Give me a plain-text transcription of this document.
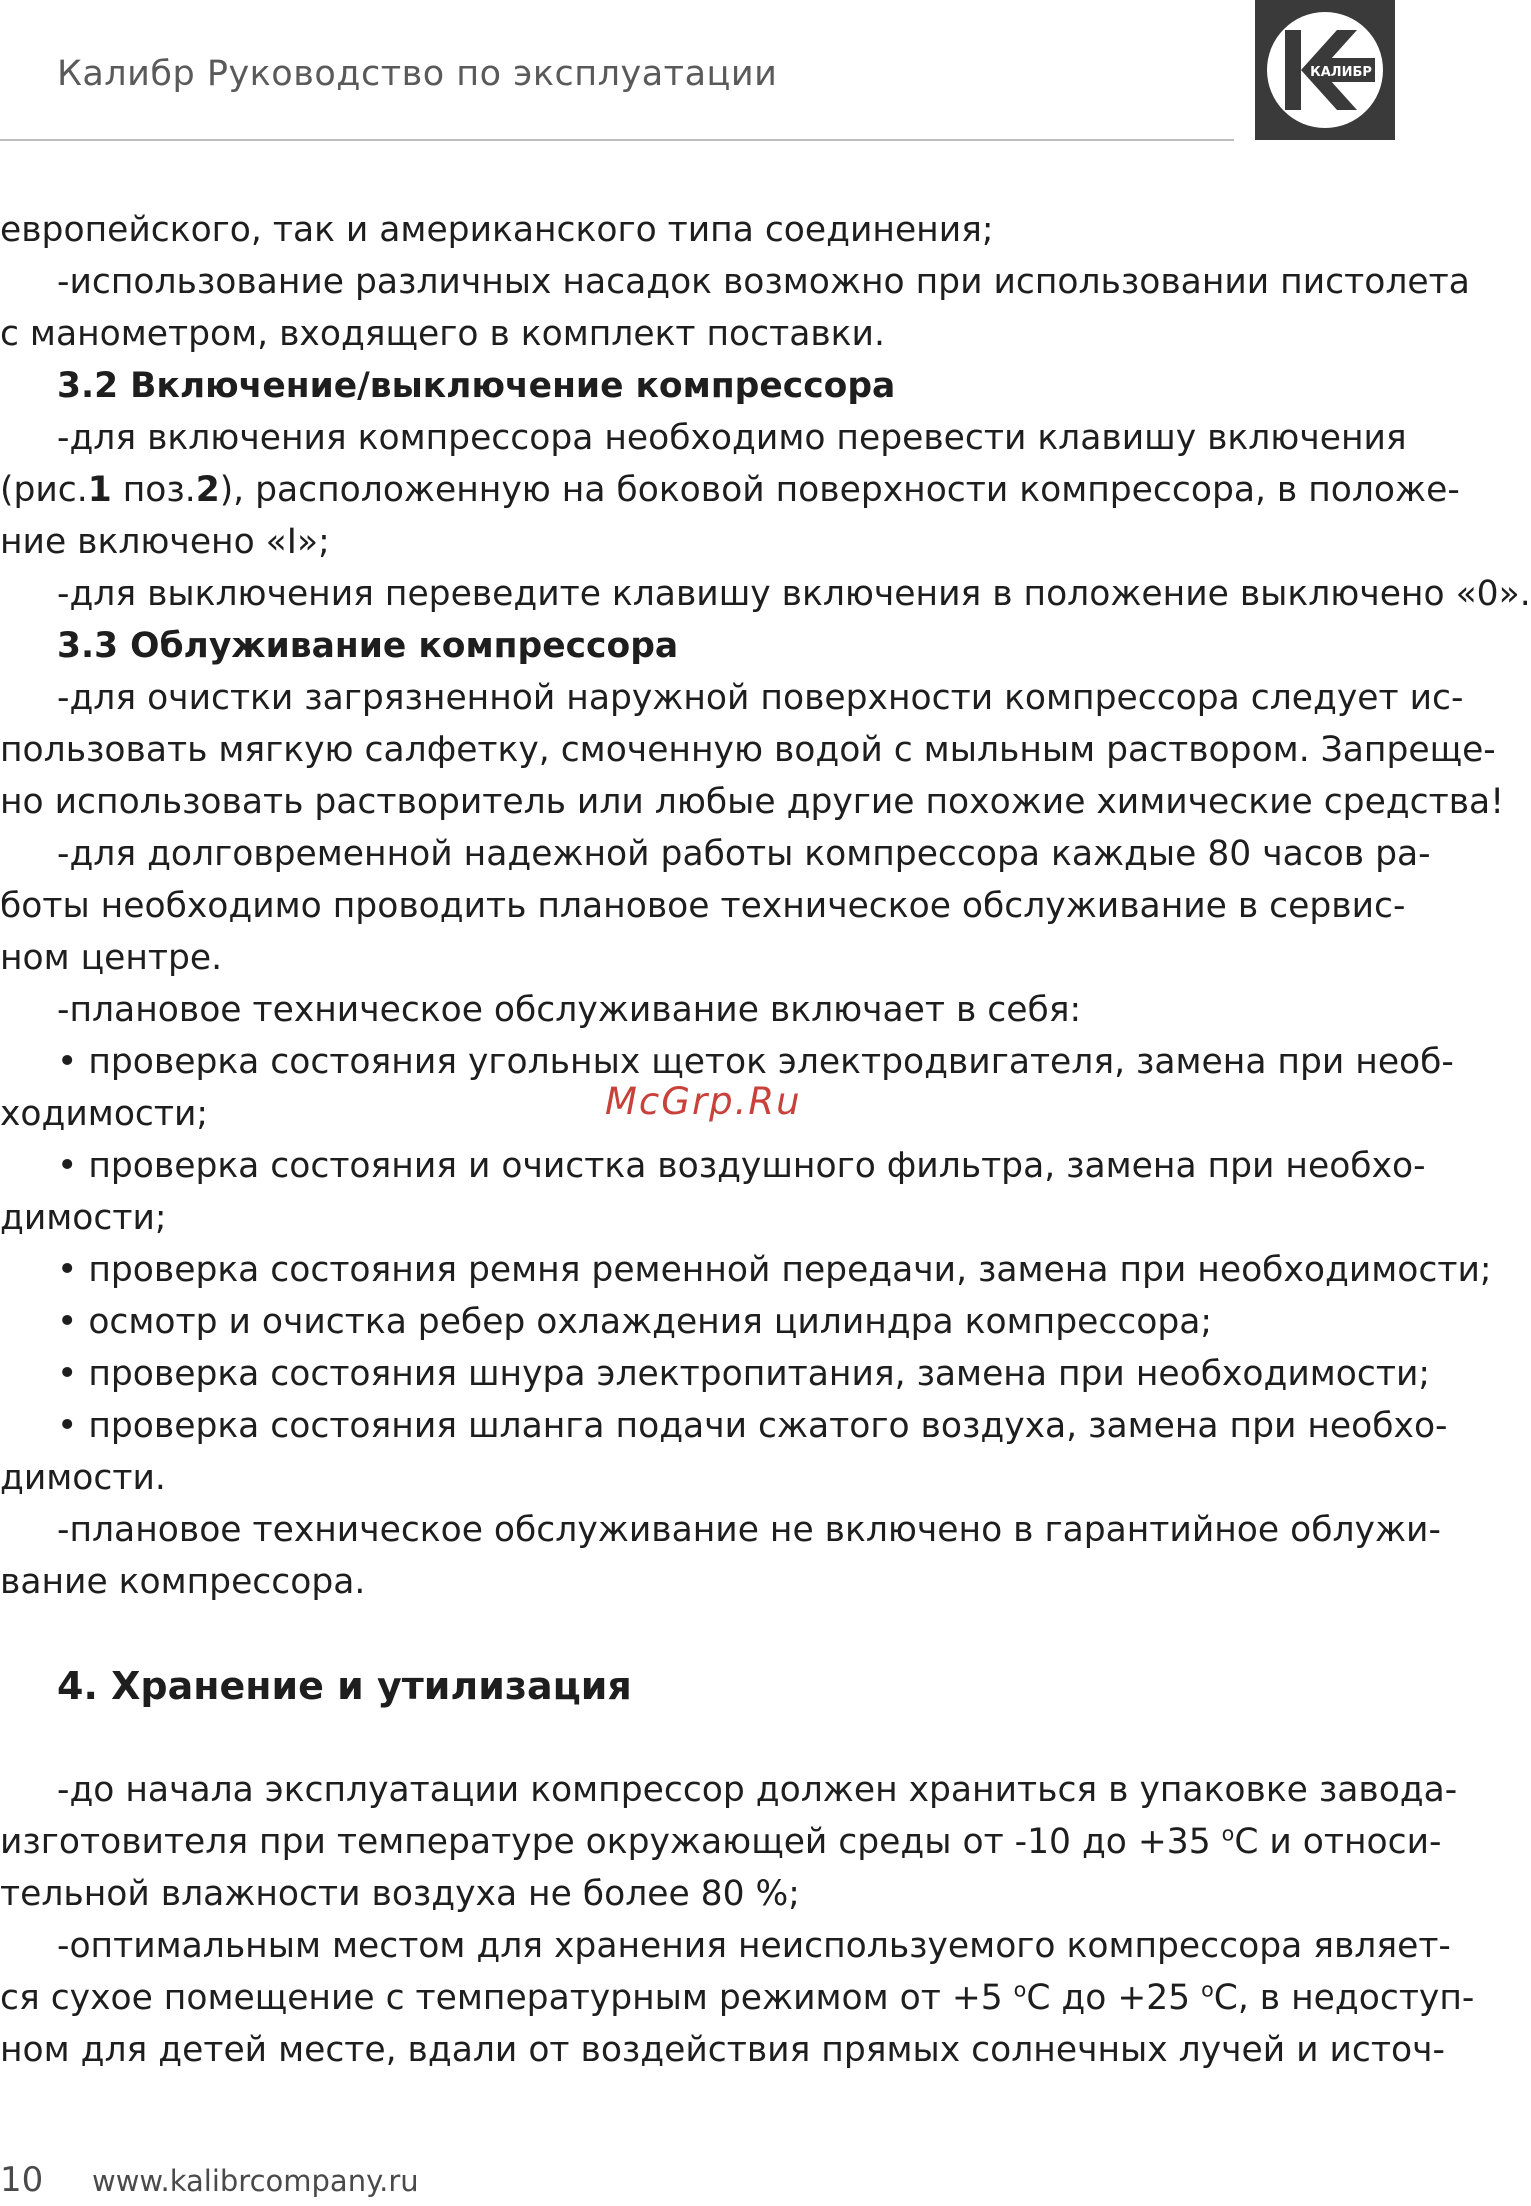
Калибр Руководство по эксплуатации	КАЛИБР
европейского, так и американского типа соединения;
-использование различных насадок возможно при использовании пистолета
с манометром, входящего в комплект поставки.
3.2 Включение/выключение компрессора
-для включения компрессора необходимо перевести клавишу включения
(рис.1 поз.2), расположенную на боковой поверхности компрессора, в положе-
ние включено «I»;
-для выключения переведите клавишу включения в положение выключено «0».
3.3 Облуживание компрессора
-для очистки загрязненной наружной поверхности компрессора следует ис-
пользовать мягкую салфетку, смоченную водой с мыльным раствором. Запреще-
но использовать растворитель или любые другие похожие химические средства!
-для долговременной надежной работы компрессора каждые 80 часов ра-
боты необходимо проводить плановое техническое обслуживание в сервис-
ном центре.
-плановое техническое обслуживание включает в себя:
• проверка состояния угольных щеток электродвигателя, замена при необ-
ходимости;
• проверка состояния и очистка воздушного фильтра, замена при необхо-
димости;
• проверка состояния ремня ременной передачи, замена при необходимости;
• осмотр и очистка ребер охлаждения цилиндра компрессора;
• проверка состояния шнура электропитания, замена при необходимости;
• проверка состояния шланга подачи сжатого воздуха, замена при необхо-
димости.
-плановое техническое обслуживание не включено в гарантийное облужи-
вание компрессора.
4. Хранение и утилизация
-до начала эксплуатации компрессор должен храниться в упаковке завода-
изготовителя при температуре окружающей среды от -10 до +35 $^o$С и относи-
тельной влажности воздуха не более 80 %;
-оптимальным местом для хранения неиспользуемого компрессора являет-
ся сухое помещение с температурным режимом от +5 $^o$С до +25 $^o$С, в недоступ-
ном для детей месте, вдали от воздействия прямых солнечных лучей и источ-
McGrp.Ru
10 www.kalibrcompany.ru
